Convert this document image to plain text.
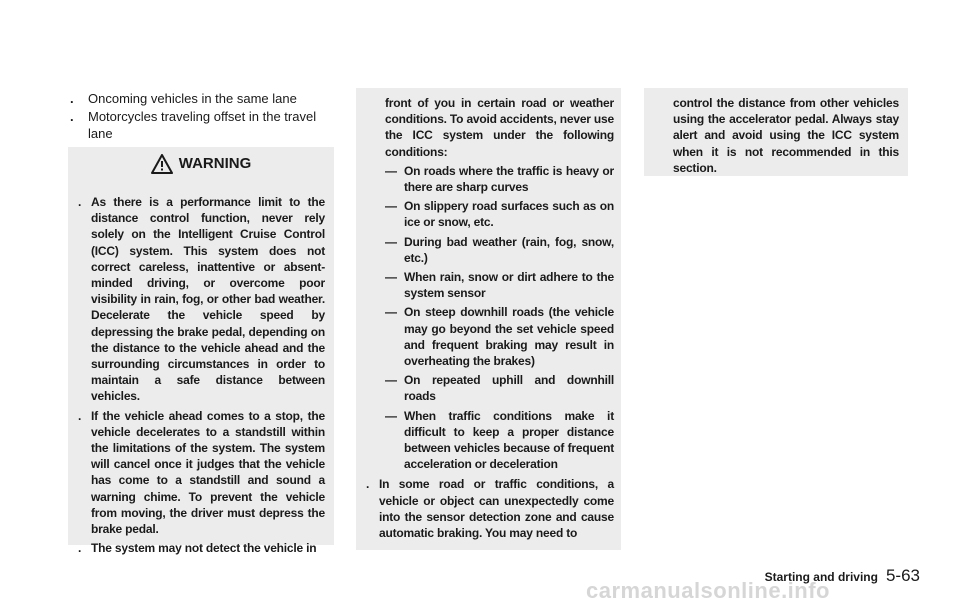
. Oncoming vehicles in the same lane
. Motorcycles traveling offset in the travel lane
WARNING
. As there is a performance limit to the distance control function, never rely solely on the Intelligent Cruise Control (ICC) system. This system does not correct careless, inattentive or absent-minded driving, or overcome poor visibility in rain, fog, or other bad weather. Decelerate the vehicle speed by depressing the brake pedal, depending on the distance to the vehicle ahead and the surrounding circumstances in order to maintain a safe distance between vehicles.
. If the vehicle ahead comes to a stop, the vehicle decelerates to a standstill within the limitations of the system. The system will cancel once it judges that the vehicle has come to a standstill and sound a warning chime. To prevent the vehicle from moving, the driver must depress the brake pedal.
. The system may not detect the vehicle in

front of you in certain road or weather conditions. To avoid accidents, never use the ICC system under the following conditions:

— On roads where the traffic is heavy or there are sharp curves
— On slippery road surfaces such as on ice or snow, etc.
— During bad weather (rain, fog, snow, etc.)
— When rain, snow or dirt adhere to the system sensor
— On steep downhill roads (the vehicle may go beyond the set vehicle speed and frequent braking may result in overheating the brakes)
— On repeated uphill and downhill roads
— When traffic conditions make it difficult to keep a proper distance between vehicles because of frequent acceleration or deceleration
. In some road or traffic conditions, a vehicle or object can unexpectedly come into the sensor detection zone and cause automatic braking. You may need to
control the distance from other vehicles using the accelerator pedal. Always stay alert and avoid using the ICC system when it is not recommended in this section.
Starting and driving 5-63
carmanualsonline.info
